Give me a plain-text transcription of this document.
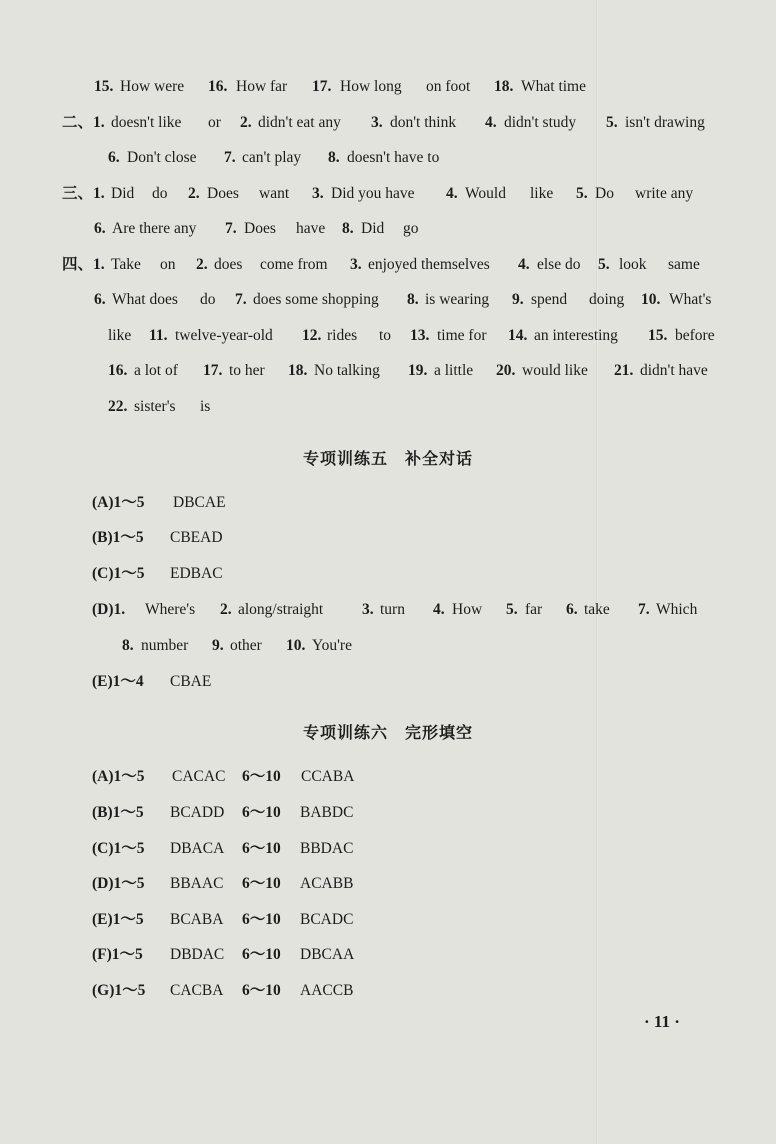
15. How were 16. How far 17. How long on foot 18. What time
二、1. doesn't like or 2. didn't eat any 3. don't think 4. didn't study 5. isn't drawing
6. Don't close 7. can't play 8. doesn't have to
三、1. Did do 2. Does want 3. Did you have 4. Would like 5. Do write any
6. Are there any 7. Does have 8. Did go
四、1. Take on 2. does come from 3. enjoyed themselves 4. else do 5. look same
6. What does do 7. does some shopping 8. is wearing 9. spend doing 10. What's
like 11. twelve-year-old 12. rides to 13. time for 14. an interesting 15. before
16. a lot of 17. to her 18. No talking 19. a little 20. would like 21. didn't have
22. sister's is
专项训练五　补全对话
(A)1～5 DBCAE
(B)1～5 CBEAD
(C)1～5 EDBAC
(D)1. Where's 2. along/straight	3. turn 4. How 5. far 6. take 7. Which
8. number 9. other 10. You're
(E)1～4 CBAE
专项训练六　完形填空
(A)1～5 CACAC 6～10 CCABA
(B)1～5 BCADD 6～10 BABDC
(C)1～5 DBACA 6～10 BBDAC
(D)1～5 BBAAC 6～10 ACABB
(E)1～5 BCABA 6～10 BCADC
(F)1～5 DBDAC 6～10 DBCAA
(G)1～5 CACBA 6～10 AACCB
· 11 ·
